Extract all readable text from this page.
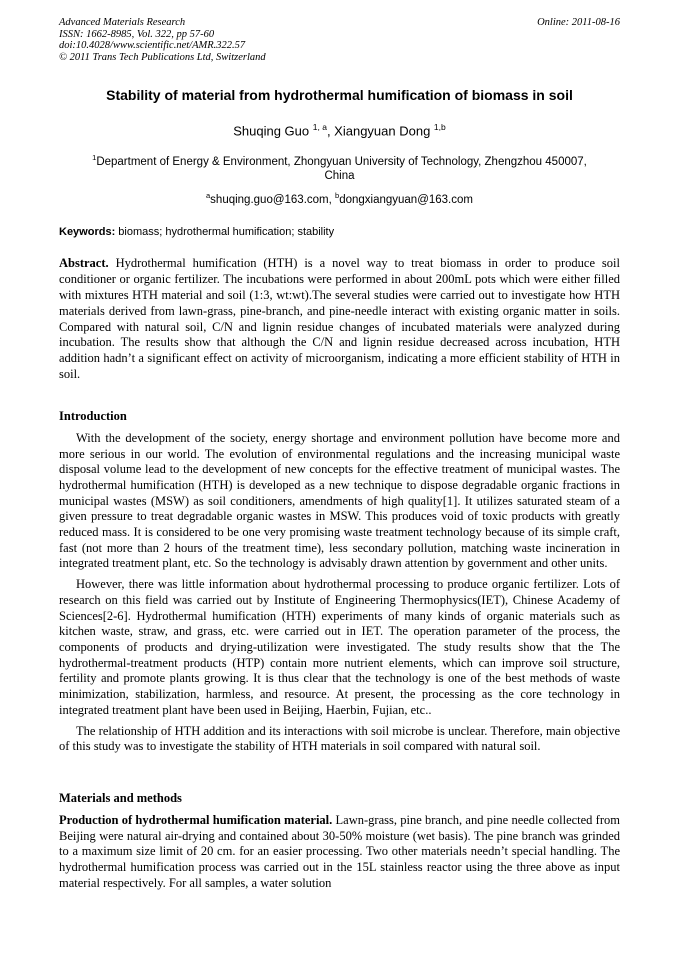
Advanced Materials Research
ISSN: 1662-8985, Vol. 322, pp 57-60
doi:10.4028/www.scientific.net/AMR.322.57
© 2011 Trans Tech Publications Ltd, Switzerland
Online: 2011-08-16
Stability of material from hydrothermal humification of biomass in soil
Shuqing Guo $^{1, a}$, Xiangyuan Dong $^{1,b}$
$^1$Department of Energy & Environment, Zhongyuan University of Technology, Zhengzhou 450007,
China
$^a$shuqing.guo@163.com, $^b$dongxiangyuan@163.com
Keywords: biomass; hydrothermal humification; stability
Abstract. Hydrothermal humification (HTH) is a novel way to treat biomass in order to produce soil conditioner or organic fertilizer. The incubations were performed in about 200mL pots which were either filled with mixtures HTH material and soil (1:3, wt:wt).The several studies were carried out to investigate how HTH materials derived from lawn-grass, pine-branch, and pine-needle interact with existing organic matter in soils. Compared with natural soil, C/N and lignin residue changes of incubated materials were analyzed during incubation. The results show that although the C/N and lignin residue decreased across incubation, HTH addition hadn’t a significant effect on activity of microorganism, indicating a more efficient stability of HTH in soil.
Introduction
With the development of the society, energy shortage and environment pollution have become more and more serious in our world. The evolution of environmental regulations and the increasing municipal waste disposal volume lead to the development of new concepts for the effective treatment of municipal wastes. The hydrothermal humification (HTH) is developed as a new technique to dispose degradable organic fractions in municipal wastes (MSW) as soil conditioners, amendments of high quality[1]. It utilizes saturated steam of a given pressure to treat degradable organic wastes in MSW. This produces void of toxic products with greatly reduced mass. It is considered to be one very promising waste treatment technology because of its simple craft, fast (not more than 2 hours of the treatment time), less secondary pollution, matching waste incineration in integrated treatment plant, etc. So the technology is advisably drawn attention by government and other units.
However, there was little information about hydrothermal processing to produce organic fertilizer. Lots of research on this field was carried out by Institute of Engineering Thermophysics(IET), Chinese Academy of Sciences[2-6]. Hydrothermal humification (HTH) experiments of many kinds of organic materials such as kitchen waste, straw, and grass, etc. were carried out in IET. The operation parameter of the process, the components of products and drying-utilization were investigated. The study results show that the The hydrothermal-treatment products (HTP) contain more nutrient elements, which can improve soil structure, fertility and promote plants growing. It is thus clear that the technology is one of the best methods of waste minimization, stabilization, harmless, and resource. At present, the processing as the core technology in integrated treatment plant have been used in Beijing, Haerbin, Fujian, etc..
The relationship of HTH addition and its interactions with soil microbe is unclear. Therefore, main objective of this study was to investigate the stability of HTH materials in soil compared with natural soil.
Materials and methods
Production of hydrothermal humification material. Lawn-grass, pine branch, and pine needle collected from Beijing were natural air-drying and contained about 30-50% moisture (wet basis). The pine branch was grinded to a maximum size limit of 20 cm. for an easier processing. Two other materials needn’t special handling. The hydrothermal humification process was carried out in the 15L stainless reactor using the three above as input material respectively. For all samples, a water solution
